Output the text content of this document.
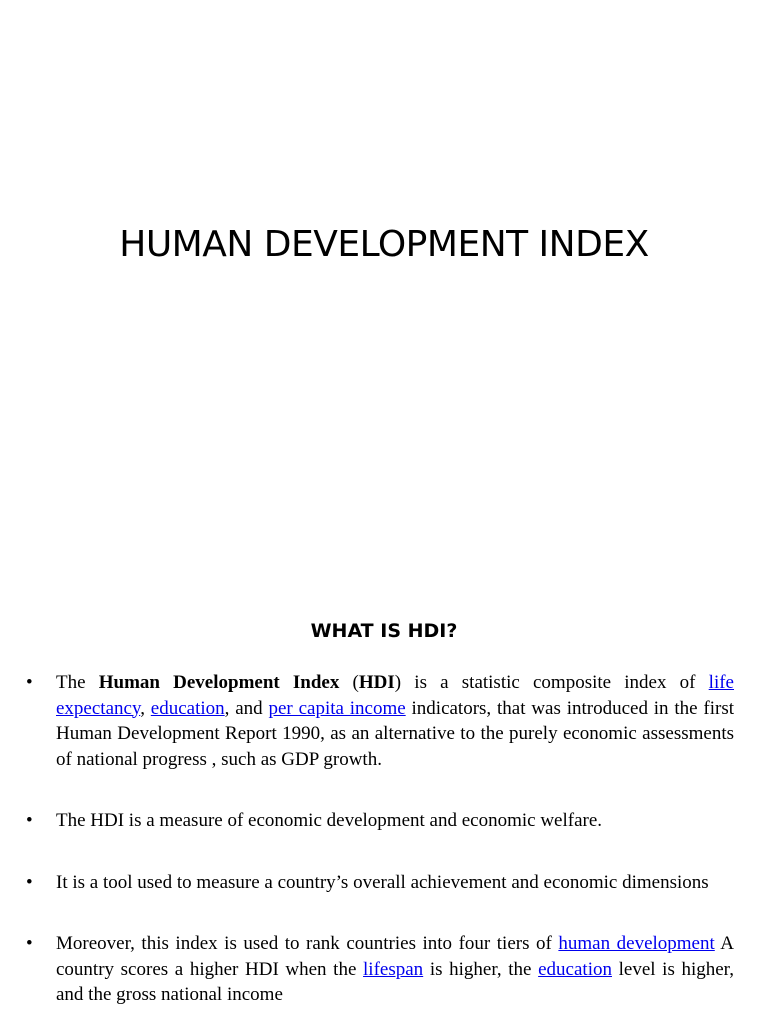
HUMAN DEVELOPMENT INDEX
WHAT IS HDI?
• The Human Development Index (HDI) is a statistic composite index of life expectancy, education, and per capita income indicators, that was introduced in the first Human Development Report 1990, as an alternative to the purely economic assessments of national progress , such as GDP growth.
• The HDI is a measure of economic development and economic welfare.
• It is a tool used to measure a country’s overall achievement and economic dimensions
• Moreover, this index is used to rank countries into four tiers of human development A country scores a higher HDI when the lifespan is higher, the education level is higher, and the gross national income
